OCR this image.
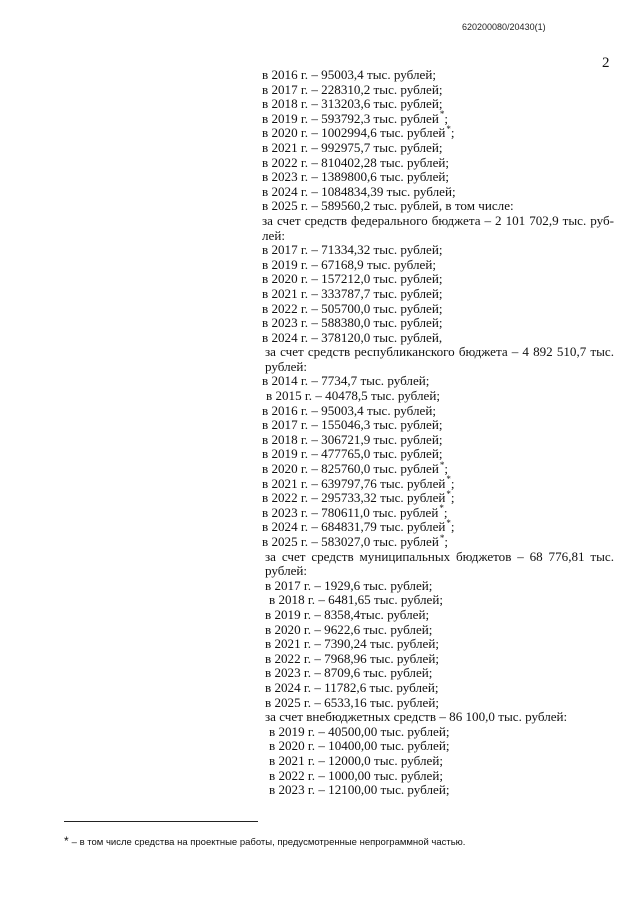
620200080/20430(1)
2
в 2016 г. – 95003,4 тыс. рублей;
в 2017 г. – 228310,2 тыс. рублей;
в 2018 г. – 313203,6 тыс. рублей;
в 2019 г. – 593792,3 тыс. рублей*;
в 2020 г. – 1002994,6 тыс. рублей*;
в 2021 г. – 992975,7 тыс. рублей;
в 2022 г. – 810402,28 тыс. рублей;
в 2023 г. – 1389800,6 тыс. рублей;
в 2024 г. – 1084834,39 тыс. рублей;
в 2025 г. – 589560,2 тыс. рублей, в том числе:
за счет средств федерального бюджета – 2 101 702,9 тыс. руб-лей:
в 2017 г. – 71334,32 тыс. рублей;
в 2019 г. – 67168,9 тыс. рублей;
в 2020 г. – 157212,0 тыс. рублей;
в 2021 г. – 333787,7 тыс. рублей;
в 2022 г. – 505700,0 тыс. рублей;
в 2023 г. – 588380,0 тыс. рублей;
в 2024 г. – 378120,0 тыс. рублей,
за счет средств республиканского бюджета – 4 892 510,7 тыс. рублей:
в 2014 г. – 7734,7 тыс. рублей;
в 2015 г. – 40478,5 тыс. рублей;
в 2016 г. – 95003,4 тыс. рублей;
в 2017 г. – 155046,3 тыс. рублей;
в 2018 г. – 306721,9 тыс. рублей;
в 2019 г. – 477765,0 тыс. рублей;
в 2020 г. – 825760,0 тыс. рублей*;
в 2021 г. – 639797,76 тыс. рублей*;
в 2022 г. – 295733,32 тыс. рублей*;
в 2023 г. – 780611,0 тыс. рублей*;
в 2024 г. – 684831,79 тыс. рублей*;
в 2025 г. – 583027,0 тыс. рублей*;
за счет средств муниципальных бюджетов – 68 776,81 тыс. рублей:
в 2017 г. – 1929,6 тыс. рублей;
в 2018 г. – 6481,65 тыс. рублей;
в 2019 г. – 8358,4тыс. рублей;
в 2020 г. – 9622,6 тыс. рублей;
в 2021 г. – 7390,24 тыс. рублей;
в 2022 г. – 7968,96 тыс. рублей;
в 2023 г. – 8709,6 тыс. рублей;
в 2024 г. – 11782,6 тыс. рублей;
в 2025 г. – 6533,16 тыс. рублей;
за счет внебюджетных средств – 86 100,0 тыс. рублей:
в 2019 г. – 40500,00 тыс. рублей;
в 2020 г. – 10400,00 тыс. рублей;
в 2021 г. – 12000,0 тыс. рублей;
в 2022 г. – 1000,00 тыс. рублей;
в 2023 г. – 12100,00 тыс. рублей;
* – в том числе средства на проектные работы, предусмотренные непрограммной частью.
